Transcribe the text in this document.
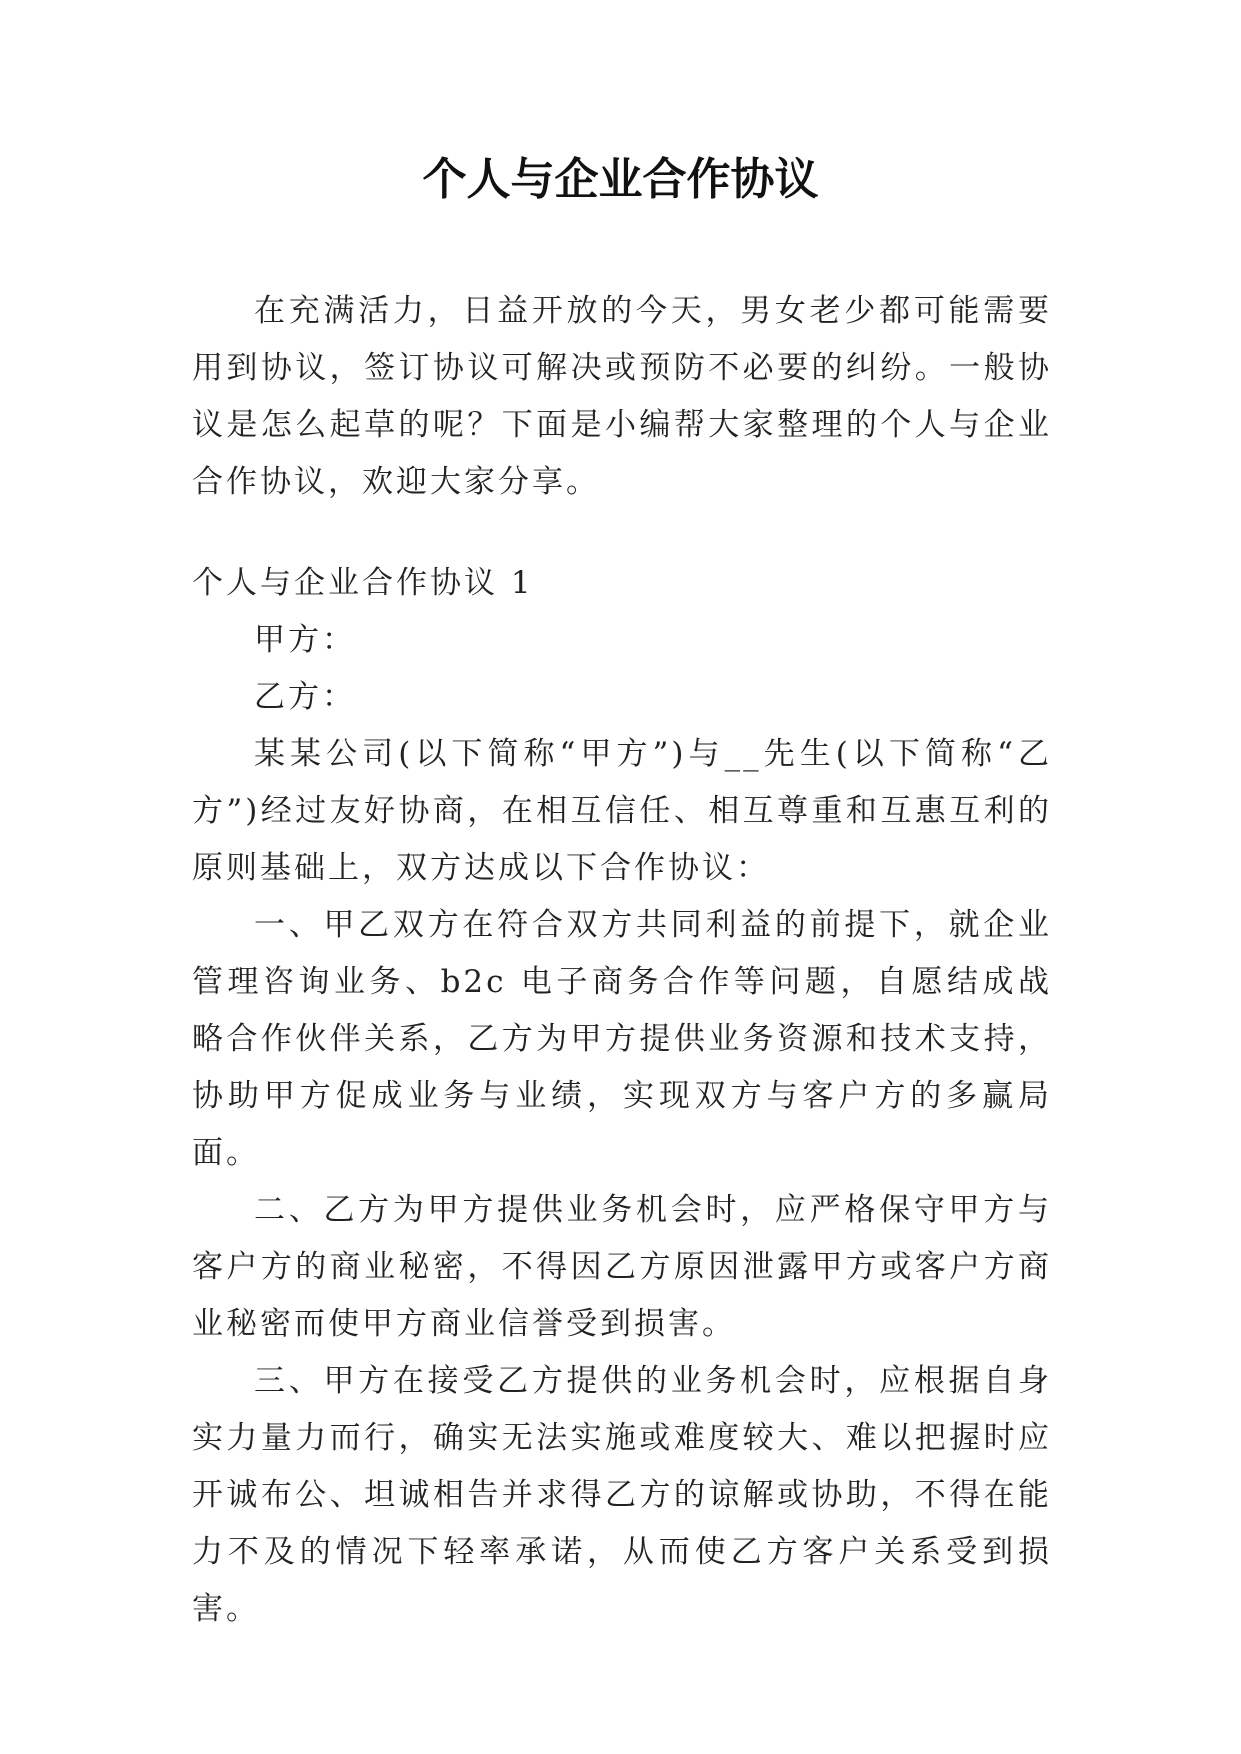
个人与企业合作协议

在充满活力，日益开放的今天，男女老少都可能需要用到协议，签订协议可解决或预防不必要的纠纷。一般协议是怎么起草的呢？下面是小编帮大家整理的个人与企业合作协议，欢迎大家分享。

个人与企业合作协议 1

甲方：

乙方：

某某公司(以下简称“甲方”)与__先生(以下简称“乙方”)经过友好协商，在相互信任、相互尊重和互惠互利的原则基础上，双方达成以下合作协议：

一、甲乙双方在符合双方共同利益的前提下，就企业管理咨询业务、b2c 电子商务合作等问题，自愿结成战略合作伙伴关系，乙方为甲方提供业务资源和技术支持，协助甲方促成业务与业绩，实现双方与客户方的多赢局面。

二、乙方为甲方提供业务机会时，应严格保守甲方与客户方的商业秘密，不得因乙方原因泄露甲方或客户方商业秘密而使甲方商业信誉受到损害。

三、甲方在接受乙方提供的业务机会时，应根据自身实力量力而行，确实无法实施或难度较大、难以把握时应开诚布公、坦诚相告并求得乙方的谅解或协助，不得在能力不及的情况下轻率承诺，从而使乙方客户关系受到损害。
